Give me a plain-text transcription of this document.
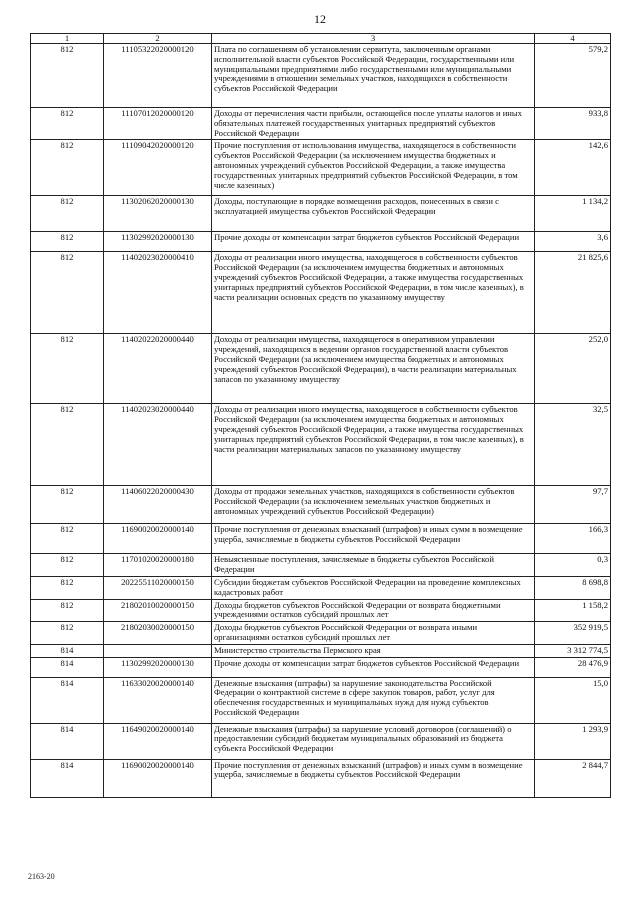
12
1	2	3	4
812	11105322020000120	Плата по соглашениям об установлении сервитута, заключенным органами исполнительной власти субъектов Российской Федерации, государственными или муниципальными предприятиями либо государственными или муниципальными учреждениями в отношении земельных участков, находящихся в собственности субъектов Российской Федерации	579,2
812	11107012020000120	Доходы от перечисления части прибыли, остающейся после уплаты налогов и иных обязательных платежей государственных унитарных предприятий субъектов Российской Федерации	933,8
812	11109042020000120	Прочие поступления от использования имущества, находящегося в собственности субъектов Российской Федерации (за исключением имущества бюджетных и автономных учреждений субъектов Российской Федерации, а также имущества государственных унитарных предприятий субъектов Российской Федерации, в том числе казенных)	142,6
812	11302062020000130	Доходы, поступающие в порядке возмещения расходов, понесенных в связи с эксплуатацией имущества субъектов Российской Федерации	1 134,2
812	11302992020000130	Прочие доходы от компенсации затрат бюджетов субъектов Российской Федерации	3,6
812	11402023020000410	Доходы от реализации иного имущества, находящегося в собственности субъектов Российской Федерации (за исключением имущества бюджетных и автономных учреждений субъектов Российской Федерации, а также имущества государственных унитарных предприятий субъектов Российской Федерации, в том числе казенных), в части реализации основных средств по указанному имуществу	21 825,6
812	11402022020000440	Доходы от реализации имущества, находящегося в оперативном управлении учреждений, находящихся в ведении органов государственной власти субъектов Российской Федерации (за исключением имущества бюджетных и автономных учреждений субъектов Российской Федерации), в части реализации материальных запасов по указанному имуществу	252,0
812	11402023020000440	Доходы от реализации иного имущества, находящегося в собственности субъектов Российской Федерации (за исключением имущества бюджетных и автономных учреждений субъектов Российской Федерации, а также имущества государственных унитарных предприятий субъектов Российской Федерации, в том числе казенных), в части реализации материальных запасов по указанному имуществу	32,5
812	11406022020000430	Доходы от продажи земельных участков, находящихся в собственности субъектов Российской Федерации (за исключением земельных участков бюджетных и автономных учреждений субъектов Российской Федерации)	97,7
812	11690020020000140	Прочие поступления от денежных взысканий (штрафов) и иных сумм в возмещение ущерба, зачисляемые в бюджеты субъектов Российской Федерации	166,3
812	11701020020000180	Невыясненные поступления, зачисляемые в бюджеты субъектов Российской Федерации	0,3
812	20225511020000150	Субсидии бюджетам субъектов Российской Федерации на проведение комплексных кадастровых работ	8 698,8
812	21802010020000150	Доходы бюджетов субъектов Российской Федерации от возврата бюджетными учреждениями остатков субсидий прошлых лет	1 158,2
812	21802030020000150	Доходы бюджетов субъектов Российской Федерации от возврата иными организациями остатков субсидий прошлых лет	352 919,5
814		Министерство строительства Пермского края	3 312 774,5
814	11302992020000130	Прочие доходы от компенсации затрат бюджетов субъектов Российской Федерации	28 476,9
814	11633020020000140	Денежные взыскания (штрафы) за нарушение законодательства Российской Федерации о контрактной системе в сфере закупок товаров, работ, услуг для обеспечения государственных и муниципальных нужд для нужд субъектов Российской Федерации	15,0
814	11649020020000140	Денежные взыскания (штрафы) за нарушение условий договоров (соглашений) о предоставлении субсидий бюджетам муниципальных образований из бюджета субъекта Российской Федерации	1 293,9
814	11690020020000140	Прочие поступления от денежных взысканий (штрафов) и иных сумм в возмещение ущерба, зачисляемые в бюджеты субъектов Российской Федерации	2 844,7
2163-20
